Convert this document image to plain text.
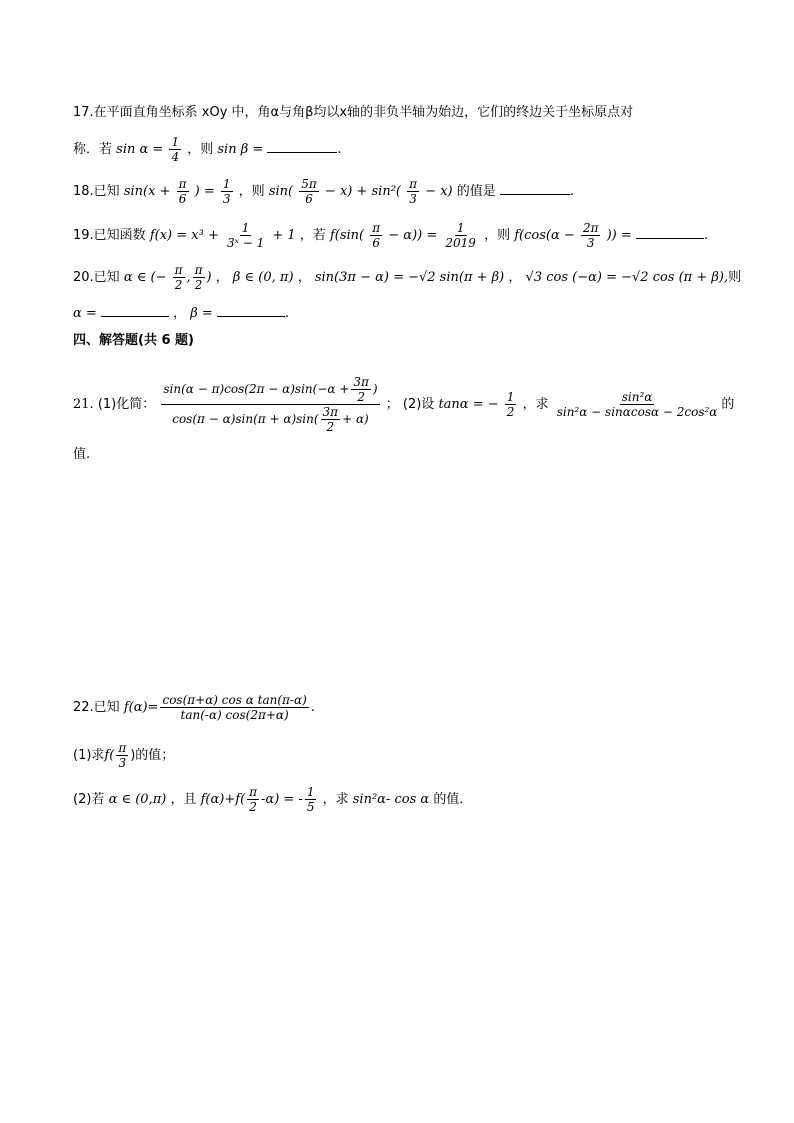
17.在平面直角坐标系 xOy 中，角α与角β均以x轴的非负半轴为始边，它们的终边关于坐标原点对
称．若 $\sin \alpha = \frac{1}{4}$ ，则 sin β =	.
18.已知 $\sin(x + \frac{\pi}{6}$ ) = $\frac{1}{3}$ ，则 $\sin( \frac{5\pi}{6} - x) + \sin^2( \frac{\pi}{3} - x)$ 的值是	.
19.已知函数 $f(x) = x^3 + \frac{1}{\text{3ˣ − 1}} + 1$ ，若 $f(\sin( \frac{\pi}{6} - \alpha)) = \frac{1}{2019}$ ，则 $f(\cos(\alpha - \frac{2\pi}{3}$ )) =	.
20.已知 α ∈ (− $\frac{\pi}{2}$ , $\frac{\pi}{2}$ ) ， β ∈ (0, π) ， sin(3π − α) = −√2 sin(π + β) ， √3 cos (−α) = −√2 cos (π + β),则
α =	， β =	.
四、解答题(共 6 题)
21. (1)化简： $\frac{\sin(\alpha - \pi)\cos(2\pi - \alpha)\sin(-\alpha + \frac{3\pi}{2} )}{\cos(\pi - \alpha)\sin(\pi + \alpha)\sin( \frac{3\pi}{2} + \alpha)}$ ； (2)设 tanα = − $\frac{1}{2}$ ，求 $\frac{\text{sin²α}}{\text{sin²α − sinαcosα − 2cos²α}}$ 的
值.
22.已知 $f(\alpha)= \frac{\text{cos(π+α) cos α tan(π-α)}}{\tan(-\alpha) \cos(2\pi+\alpha)}$ .
(1)求$f( \frac{\pi}{3}$ )的值；
(2)若 α ∈ (0,π) ，且 $f(\alpha)+f( \frac{\pi}{2} -\alpha)$ = - $\frac{1}{5}$ ，求 sin²α- cos α 的值．
